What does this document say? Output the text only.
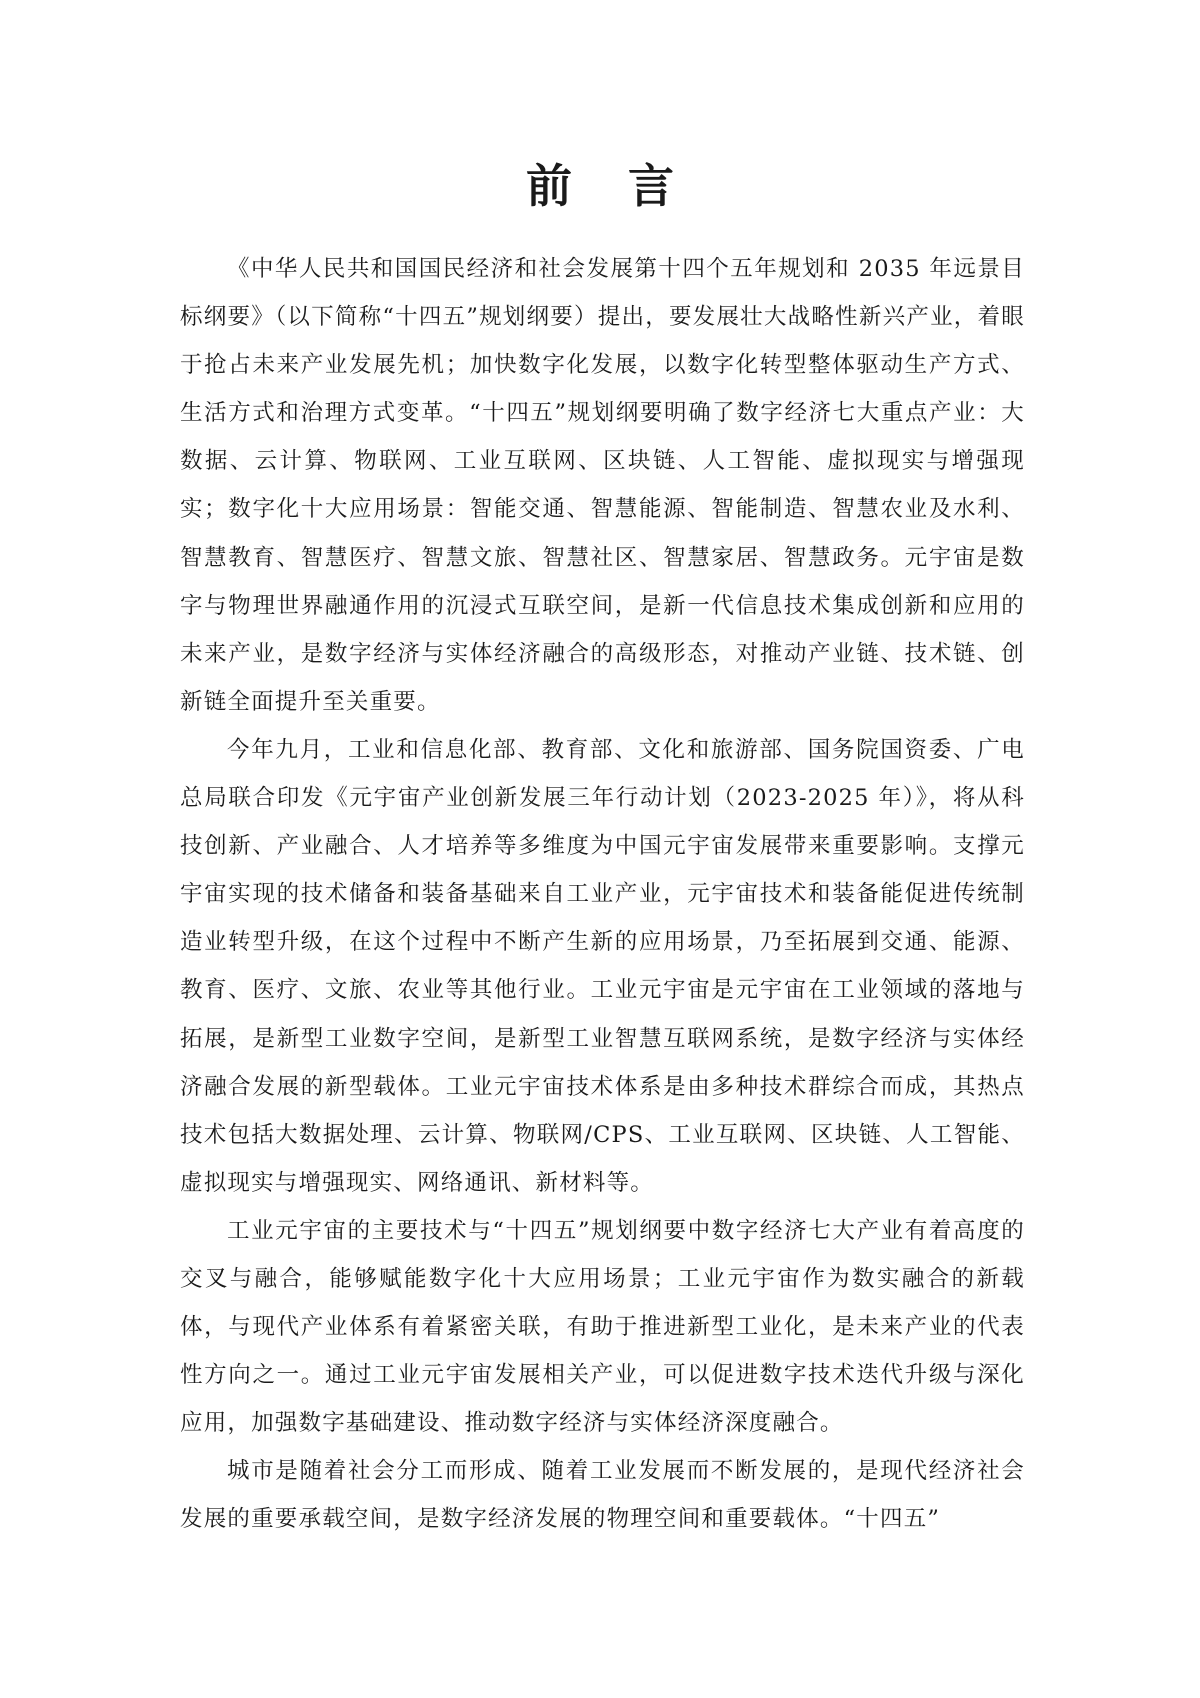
前言

《中华人民共和国国民经济和社会发展第十四个五年规划和 2035 年远景目标纲要》（以下简称“十四五”规划纲要）提出，要发展壮大战略性新兴产业，着眼于抢占未来产业发展先机；加快数字化发展，以数字化转型整体驱动生产方式、生活方式和治理方式变革。“十四五”规划纲要明确了数字经济七大重点产业：大数据、云计算、物联网、工业互联网、区块链、人工智能、虚拟现实与增强现实；数字化十大应用场景：智能交通、智慧能源、智能制造、智慧农业及水利、智慧教育、智慧医疗、智慧文旅、智慧社区、智慧家居、智慧政务。元宇宙是数字与物理世界融通作用的沉浸式互联空间，是新一代信息技术集成创新和应用的未来产业，是数字经济与实体经济融合的高级形态，对推动产业链、技术链、创新链全面提升至关重要。

今年九月，工业和信息化部、教育部、文化和旅游部、国务院国资委、广电总局联合印发《元宇宙产业创新发展三年行动计划（2023-2025 年）》，将从科技创新、产业融合、人才培养等多维度为中国元宇宙发展带来重要影响。支撑元宇宙实现的技术储备和装备基础来自工业产业，元宇宙技术和装备能促进传统制造业转型升级，在这个过程中不断产生新的应用场景，乃至拓展到交通、能源、教育、医疗、文旅、农业等其他行业。工业元宇宙是元宇宙在工业领域的落地与拓展，是新型工业数字空间，是新型工业智慧互联网系统，是数字经济与实体经济融合发展的新型载体。工业元宇宙技术体系是由多种技术群综合而成，其热点技术包括大数据处理、云计算、物联网/CPS、工业互联网、区块链、人工智能、虚拟现实与增强现实、网络通讯、新材料等。

工业元宇宙的主要技术与“十四五”规划纲要中数字经济七大产业有着高度的交叉与融合，能够赋能数字化十大应用场景；工业元宇宙作为数实融合的新载体，与现代产业体系有着紧密关联，有助于推进新型工业化，是未来产业的代表性方向之一。通过工业元宇宙发展相关产业，可以促进数字技术迭代升级与深化应用，加强数字基础建设、推动数字经济与实体经济深度融合。

城市是随着社会分工而形成、随着工业发展而不断发展的，是现代经济社会发展的重要承载空间，是数字经济发展的物理空间和重要载体。“十四五”
